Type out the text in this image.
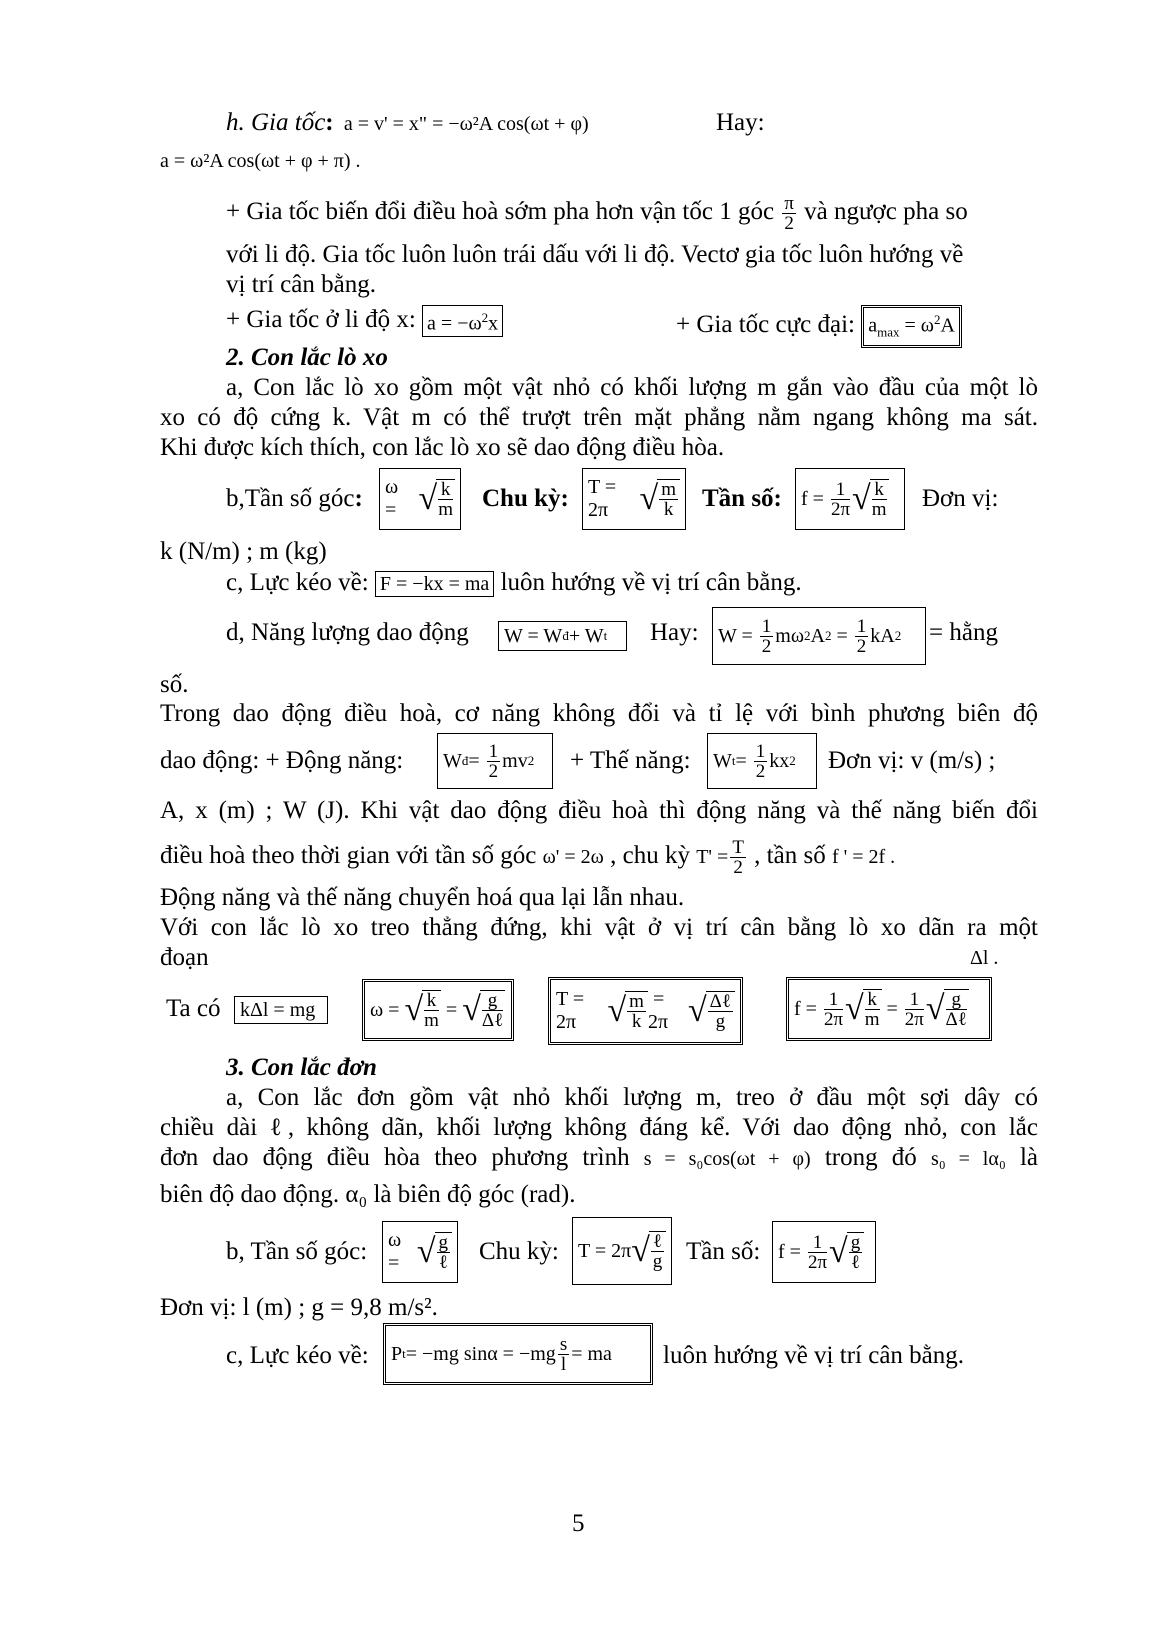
h. Gia tốc: a = v' = x" = −ω²A cos(ωt + φ)	Hay:
a = ω²A cos(ωt + φ + π) .
+ Gia tốc biến đổi điều hoà sớm pha hơn vận tốc 1 góc $\frac{\pi}{2}$ và ngược pha so
với li độ. Gia tốc luôn luôn trái dấu với li độ. Vectơ gia tốc luôn hướng về
vị trí cân bằng.
+ Gia tốc ở li độ x: $a = -\omega^2x$	+ Gia tốc cực đại: $a_{max} = \omega^2A$
2. Con lắc lò xo
a, Con lắc lò xo gồm một vật nhỏ có khối lượng m gắn vào đầu của một lò
xo có độ cứng k. Vật m có thể trượt trên mặt phẳng nằm ngang không ma sát.
Khi được kích thích, con lắc lò xo sẽ dao động điều hòa.
b,Tần số góc:	ω = √ $\frac{k}{m}$ Chu kỳ: T = 2π √ $\frac{m}{k}$ Tần số: $f = \frac{1}{2\pi}$ √ $\frac{k}{m}$ Đơn vị:
k (N/m) ; m (kg)
c, Lực kéo về: F = −kx = ma luôn hướng về vị trí cân bằng.
d, Năng lượng dao động	W = W đ + W t Hay: $W = \frac{1}{2}$ mω 2 A $2 = \frac{1}{2}$ kA 2 = hằng
số.
Trong dao động điều hoà, cơ năng không đổi và tỉ lệ với bình phương biên độ
dao động: + Động năng:	W đ = $\frac{1}{2}$ mv 2 + Thế năng:	W $t = \frac{1}{2}$ kx 2 Đơn vị: v (m/s) ;
A, x (m) ; W (J). Khi vật dao động điều hoà thì động năng và thế năng biến đổi
điều hoà theo thời gian với tần số góc ω' = 2ω , chu kỳ $T' = \frac{T}{2}$ , tần số f ' = 2f .
Động năng và thế năng chuyển hoá qua lại lẫn nhau.
Với con lắc lò xo treo thẳng đứng, khi vật ở vị trí cân bằng lò xo dãn ra một
đoạn	Δl .
Ta có kΔl = mg	ω = √ $\frac{k}{m}$ = √ $\frac{g}{\text{Δℓ}}$	T = 2π √ $\frac{m}{k} = 2\pi$ √ $\frac{\text{Δℓ}}{g}$	$f = \frac{1}{2\pi}$ √ $\frac{k}{m} = \frac{1}{2\pi}$ √ $\frac{g}{\text{Δℓ}}$
3. Con lắc đơn
a, Con lắc đơn gồm vật nhỏ khối lượng m, treo ở đầu một sợi dây có
chiều dài ℓ, không dãn, khối lượng không đáng kể. Với dao động nhỏ, con lắc
đơn dao động điều hòa theo phương trình s = s₀cos(ωt + φ) trong đó s₀ = lα₀ là
biên độ dao động. α₀ là biên độ góc (rad).
b, Tần số góc:	ω = √ $\frac{g}{\text{ℓ}}$ Chu kỳ: T = 2π √ $\frac{\text{ℓ}}{g}$ Tần số: $f = \frac{1}{2\pi}$ √ $\frac{g}{\text{ℓ}}$
Đơn vị: l (m) ; g = 9,8 m/s².
c, Lực kéo về:	P t = −mg $\sin\alpha = -mg \frac{s}{l}$ = ma	luôn hướng về vị trí cân bằng.
5
